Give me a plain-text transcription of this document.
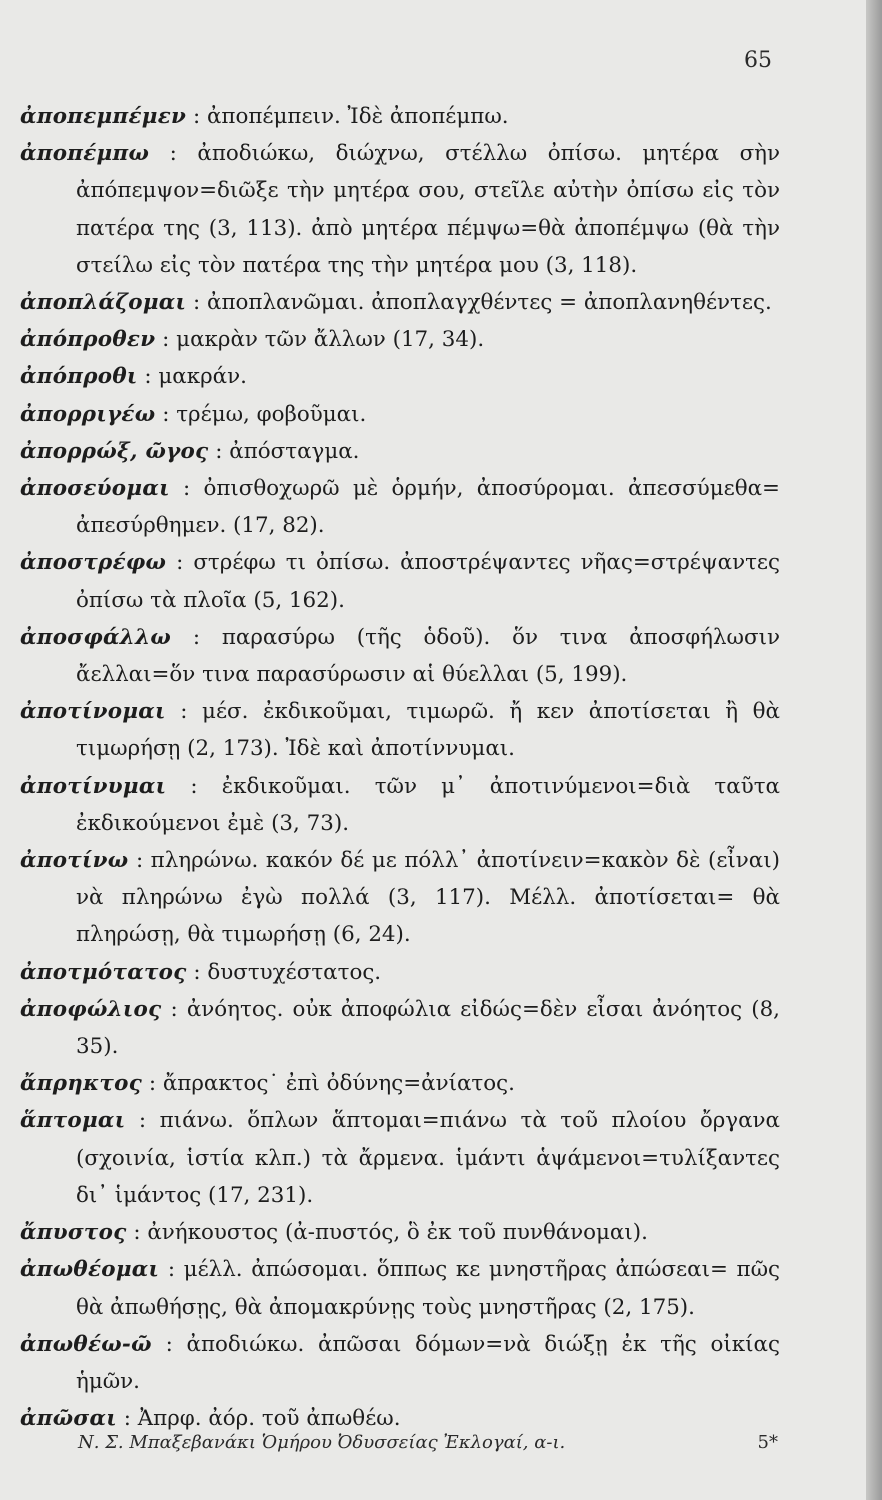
65
ἀποπεμπέμεν : ἀποπέμπειν. Ἰδὲ ἀποπέμπω.
ἀποπέμπω : ἀποδιώκω, διώχνω, στέλλω ὀπίσω. μητέρα σὴν ἀπόπεμψον=διῶξε τὴν μητέρα σου, στεῖλε αὐτὴν ὀπίσω εἰς τὸν πατέρα της (3, 113). ἀπὸ μητέρα πέμψω=θὰ ἀποπέμψω (θὰ τὴν στείλω εἰς τὸν πατέρα της τὴν μητέρα μου (3, 118).
ἀποπλάζομαι : ἀποπλανῶμαι. ἀποπλαγχθέντες = ἀποπλανηθέντες.
ἀπόπροθεν : μακρὰν τῶν ἄλλων (17, 34).
ἀπόπροθι : μακράν.
ἀπορριγέω : τρέμω, φοβοῦμαι.
ἀπορρώξ, ῶγος : ἀπόσταγμα.
ἀποσεύομαι : ὀπισθοχωρῶ μὲ ὁρμήν, ἀποσύρομαι. ἀπεσσύμεθα= ἀπεσύρθημεν. (17, 82).
ἀποστρέφω : στρέφω τι ὀπίσω. ἀποστρέψαντες νῆας=στρέψαντες ὀπίσω τὰ πλοῖα (5, 162).
ἀποσφάλλω : παρασύρω (τῆς ὁδοῦ). ὅν τινα ἀποσφήλωσιν ἄελλαι=ὅν τινα παρασύρωσιν αἱ θύελλαι (5, 199).
ἀποτίνομαι : μέσ. ἐκδικοῦμαι, τιμωρῶ. ἤ κεν ἀποτίσεται ἢ θὰ τιμωρήσῃ (2, 173). Ἰδὲ καὶ ἀποτίννυμαι.
ἀποτίνυμαι : ἐκδικοῦμαι. τῶν μ᾽ ἀποτινύμενοι=διὰ ταῦτα ἐκδικούμενοι ἐμὲ (3, 73).
ἀποτίνω : πληρώνω. κακόν δέ με πόλλ᾽ ἀποτίνειν=κακὸν δὲ (εἶναι) νὰ πληρώνω ἐγὼ πολλά (3, 117). Μέλλ. ἀποτίσεται= θὰ πληρώσῃ, θὰ τιμωρήσῃ (6, 24).
ἀποτμότατος : δυστυχέστατος.
ἀποφώλιος : ἀνόητος. οὐκ ἀποφώλια εἰδώς=δὲν εἶσαι ἀνόητος (8, 35).
ἄπρηκτος : ἄπρακτος˙ ἐπὶ ὀδύνης=ἀνίατος.
ἅπτομαι : πιάνω. ὅπλων ἅπτομαι=πιάνω τὰ τοῦ πλοίου ὄργανα (σχοινία, ἱστία κλπ.) τὰ ἄρμενα. ἱμάντι ἁψάμενοι=τυλίξαντες δι᾽ ἱμάντος (17, 231).
ἄπυστος : ἀνήκουστος (ἀ-πυστός, ὃ ἐκ τοῦ πυνθάνομαι).
ἀπωθέομαι : μέλλ. ἀπώσομαι. ὅππως κε μνηστῆρας ἀπώσεαι= πῶς θὰ ἀπωθήσῃς, θὰ ἀπομακρύνῃς τοὺς μνηστῆρας (2, 175).
ἀπωθέω-ῶ : ἀποδιώκω. ἀπῶσαι δόμων=νὰ διώξῃ ἐκ τῆς οἰκίας ἡμῶν.
ἀπῶσαι : Ἀπρφ. ἀόρ. τοῦ ἀπωθέω.
Ν. Σ. Μπαξεβανάκι Ὁμήρου Ὀδυσσείας Ἐκλογαί, α-ι.	5*
